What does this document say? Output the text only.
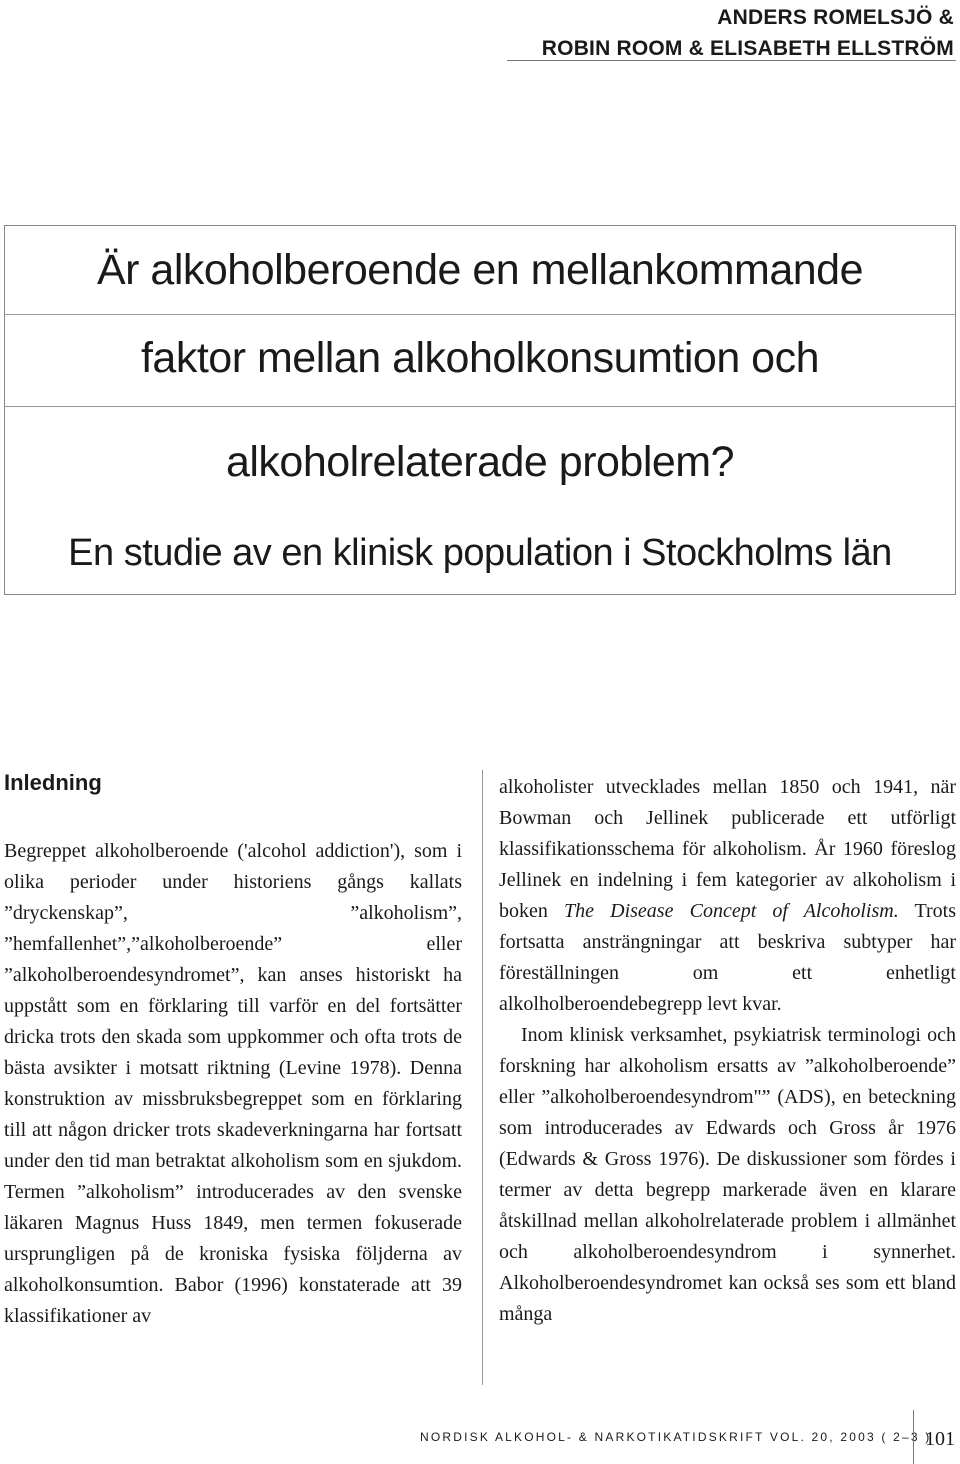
ANDERS ROMELSJÖ &
ROBIN ROOM & ELISABETH ELLSTRÖM
Är alkoholberoende en mellankommande
faktor mellan alkoholkonsumtion och
alkoholrelaterade problem?
En studie av en klinisk population i Stockholms län
Inledning

Begreppet alkoholberoende ('alcohol addiction'), som i olika perioder under historiens gångs kallats ”dryckenskap”, ”alkoholism”, ”hemfallenhet”,”alkoholberoende” eller ”alkoholberoendesyndromet”, kan anses historiskt ha uppstått som en förklaring till varför en del fortsätter dricka trots den skada som uppkommer och ofta trots de bästa avsikter i motsatt riktning (Levine 1978). Denna konstruktion av missbruksbegreppet som en förklaring till att någon dricker trots skadeverkningarna har fortsatt under den tid man betraktat alkoholism som en sjukdom. Termen ”alkoholism” introducerades av den svenske läkaren Magnus Huss 1849, men termen fokuserade ursprungligen på de kroniska fysiska följderna av alkoholkonsumtion. Babor (1996) konstaterade att 39 klassifikationer av

alkoholister utvecklades mellan 1850 och 1941, när Bowman och Jellinek publicerade ett utförligt klassifikationsschema för alkoholism. År 1960 föreslog Jellinek en indelning i fem kategorier av alkoholism i boken The Disease Concept of Alcoholism. Trots fortsatta ansträngningar att beskriva subtyper har föreställningen om ett enhetligt alkolholberoendebegrepp levt kvar.

Inom klinisk verksamhet, psykiatrisk terminologi och forskning har alkoholism ersatts av ”alkoholberoende” eller ”alkoholberoendesyndrom"” (ADS), en beteckning som introducerades av Edwards och Gross år 1976 (Edwards & Gross 1976). De diskussioner som fördes i termer av detta begrepp markerade även en klarare åtskillnad mellan alkoholrelaterade problem i allmänhet och alkoholberoendesyndrom i synnerhet. Alkoholberoendesyndromet kan också ses som ett bland många

NORDISK ALKOHOL- & NARKOTIKATIDSKRIFT VOL. 20, 2003 ( 2–3 )
101
